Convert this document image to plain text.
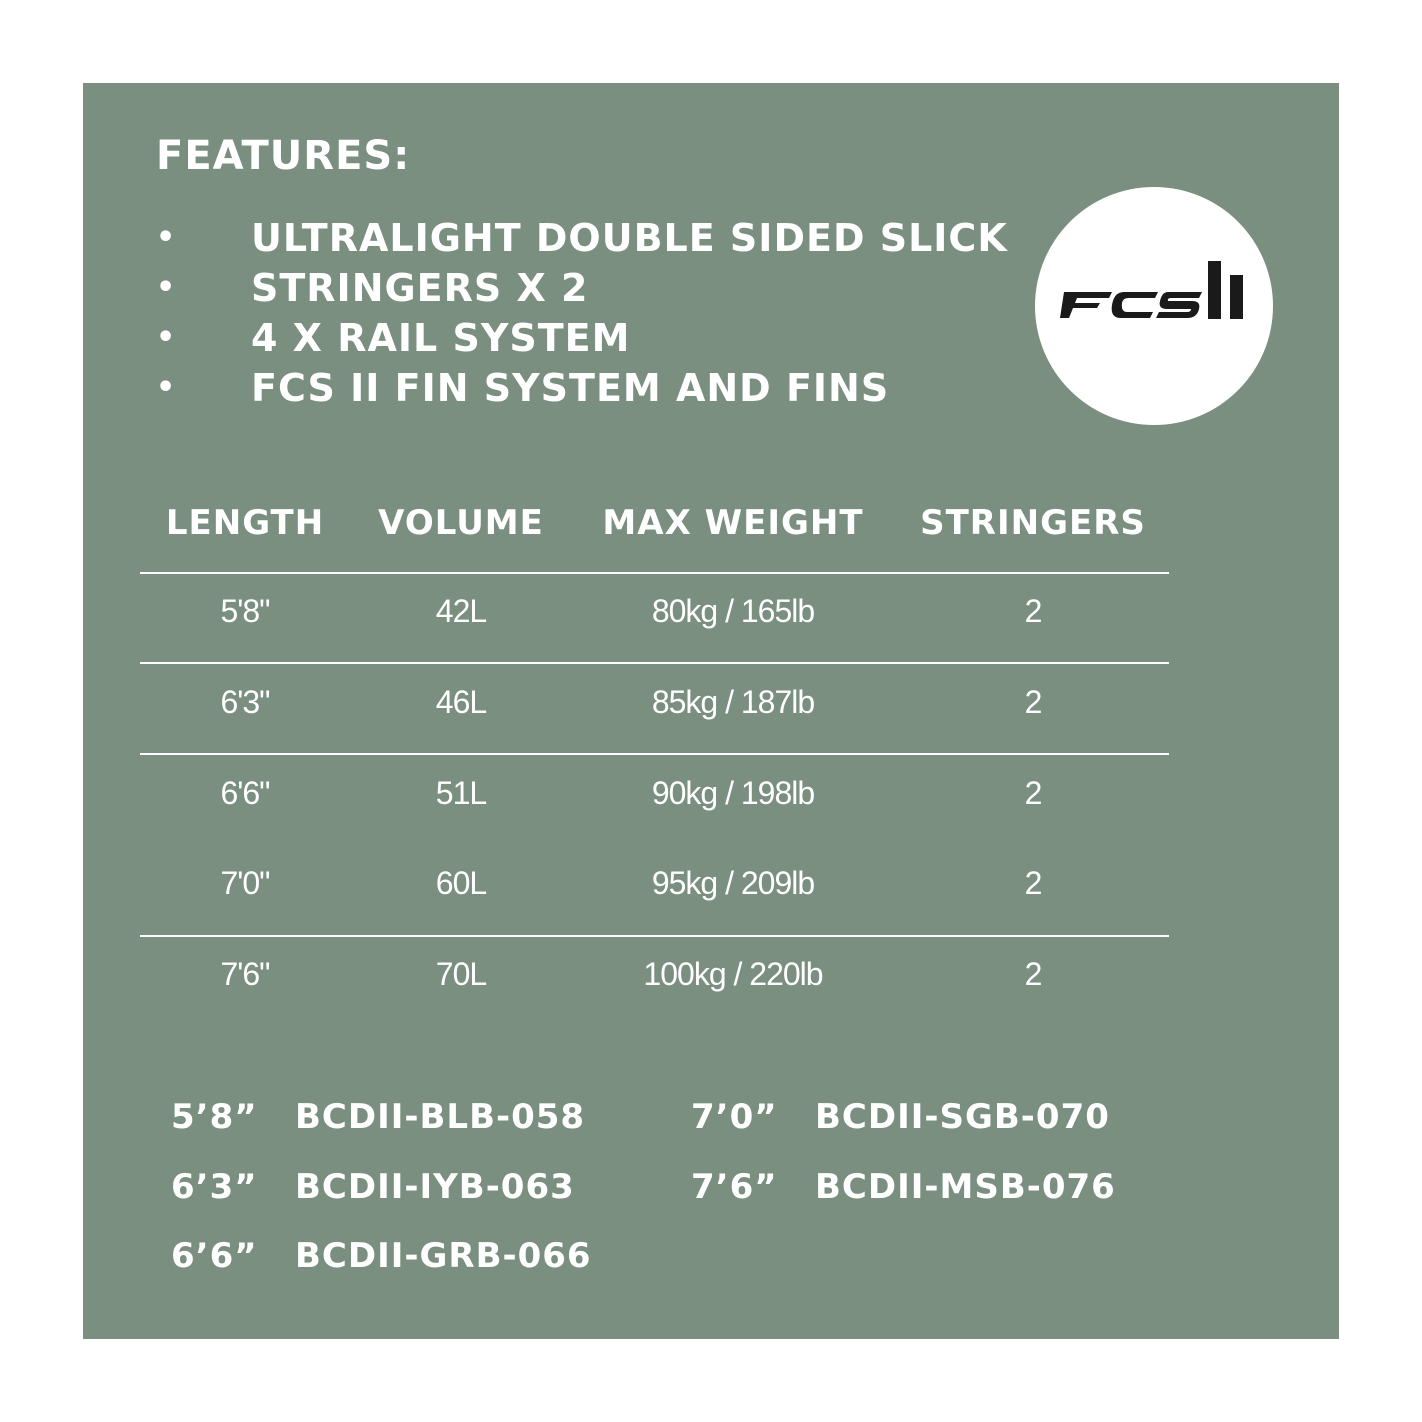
FEATURES:
• ULTRALIGHT DOUBLE SIDED SLICK
• STRINGERS X 2
• 4 X RAIL SYSTEM
• FCS II FIN SYSTEM AND FINS
LENGTH	VOLUME	MAX WEIGHT	STRINGERS
5'8"	42L	80kg / 165lb	2
6'3"	46L	85kg / 187lb	2
6'6"	51L	90kg / 198lb	2
7'0"	60L	95kg / 209lb	2
7'6"	70L	100kg / 220lb	2
5’8” BCDII-BLB-058
6’3” BCDII-IYB-063
6’6” BCDII-GRB-066
7’0” BCDII-SGB-070
7’6” BCDII-MSB-076
